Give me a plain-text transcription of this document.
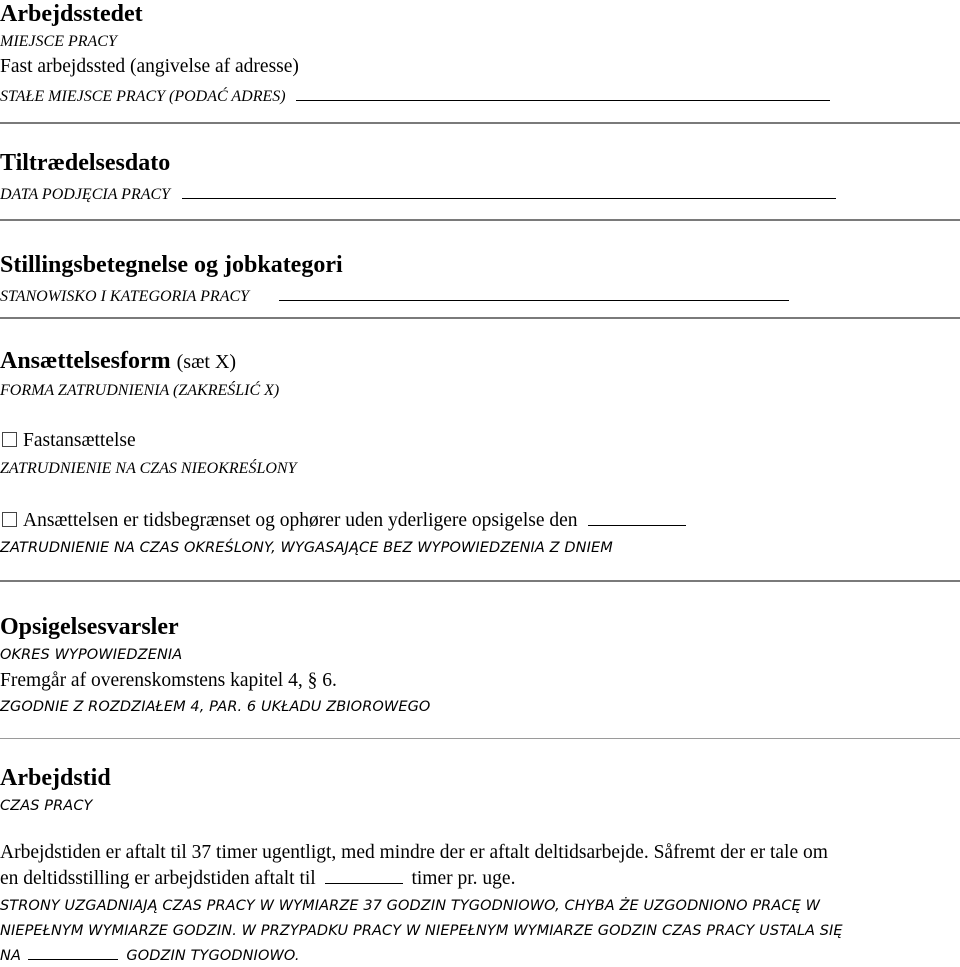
Arbejdsstedet
MIEJSCE PRACY
Fast arbejdssted (angivelse af adresse)
STAŁE MIEJSCE PRACY (PODAĆ ADRES)
Tiltrædelsesdato
DATA PODJĘCIA PRACY
Stillingsbetegnelse og jobkategori
STANOWISKO I KATEGORIA PRACY
Ansættelsesform (sæt X)
FORMA ZATRUDNIENIA (ZAKREŚLIĆ X)
Fastansættelse
ZATRUDNIENIE NA CZAS NIEOKREŚLONY
Ansættelsen er tidsbegrænset og ophører uden yderligere opsigelse den
ZATRUDNIENIE NA CZAS OKREŚLONY, WYGASAJĄCE BEZ WYPOWIEDZENIA Z DNIEM
Opsigelsesvarsler
OKRES WYPOWIEDZENIA
Fremgår af overenskomstens kapitel 4, § 6.
ZGODNIE Z ROZDZIAŁEM 4, PAR. 6 UKŁADU ZBIOROWEGO
Arbejdstid
CZAS PRACY
Arbejdstiden er aftalt til 37 timer ugentligt, med mindre der er aftalt deltidsarbejde. Såfremt der er tale om
en deltidsstilling er arbejdstiden aftalt til	timer pr. uge.
STRONY UZGADNIAJĄ CZAS PRACY W WYMIARZE 37 GODZIN TYGODNIOWO, CHYBA ŻE UZGODNIONO PRACĘ W
NIEPEŁNYM WYMIARZE GODZIN. W PRZYPADKU PRACY W NIEPEŁNYM WYMIARZE GODZIN CZAS PRACY USTALA SIĘ
NA	GODZIN TYGODNIOWO.
